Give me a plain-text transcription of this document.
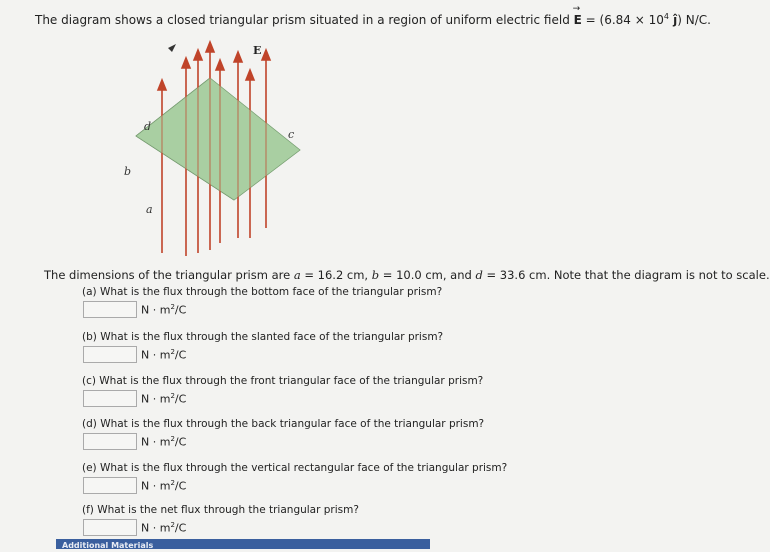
The diagram shows a closed triangular prism situated in a region of uniform electric field → $E = (6.84 \times 10^4$ ĵ) N/C.
E
d
c
b
a
The dimensions of the triangular prism are a = 16.2 cm, b = 10.0 cm, and d = 33.6 cm. Note that the diagram is not to scale.
(a) What is the flux through the bottom face of the triangular prism?
$N \cdot m^2/C$
(b) What is the flux through the slanted face of the triangular prism?
$N \cdot m^2/C$
(c) What is the flux through the front triangular face of the triangular prism?
$N \cdot m^2/C$
(d) What is the flux through the back triangular face of the triangular prism?
$N \cdot m^2/C$
(e) What is the flux through the vertical rectangular face of the triangular prism?
$N \cdot m^2/C$
(f) What is the net flux through the triangular prism?
$N \cdot m^2/C$
Additional Materials
